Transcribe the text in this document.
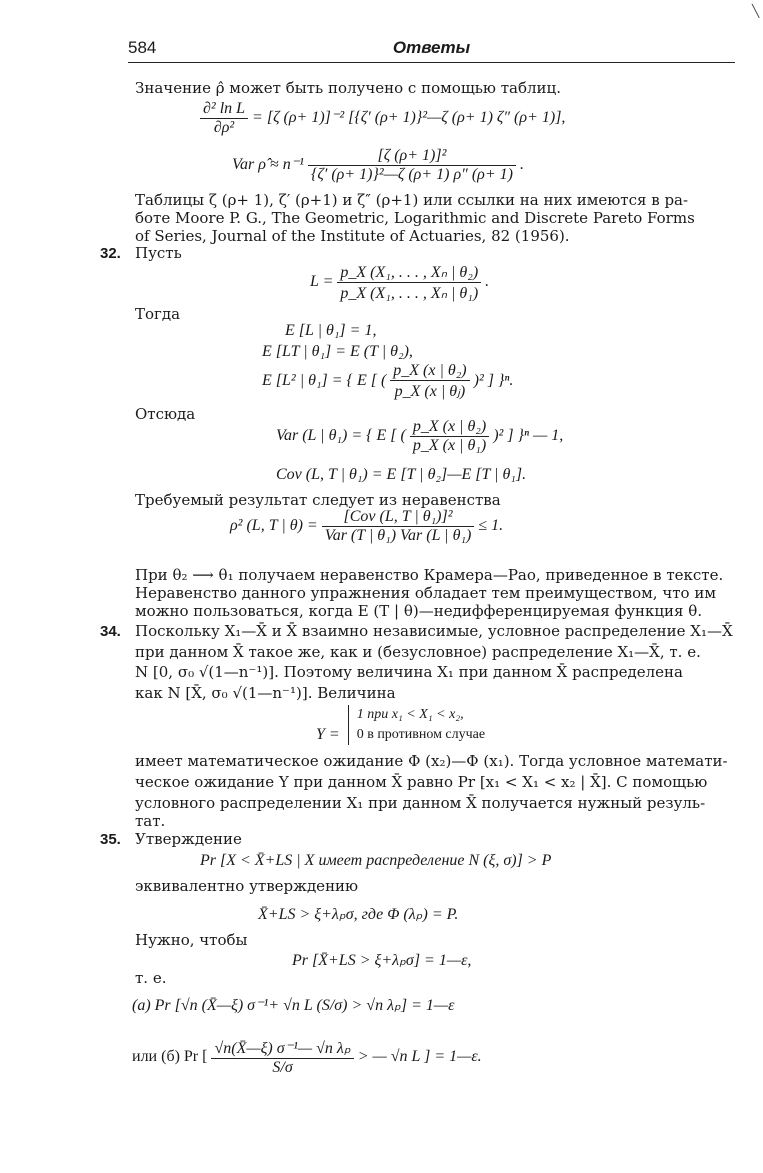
584	Ответы
╲
Значение ρ̂ может быть получено с помощью таблиц.
$\frac{\text{∂² ln L}}{\text{∂ρ²}} = [\zeta$ (ρ+ 1)]⁻² [{ζ′ (ρ+ 1)}²—ζ (ρ+ 1) ζ″ (ρ+ 1)],
Var ρ̂ ≈ $n^{-1} \frac{\text{[ζ (ρ+ 1)]²}}{\text{\{ζ′ (ρ+ 1)\}²—ζ (ρ+ 1) ρ″ (ρ+ 1)}}$ .
Таблицы ζ (ρ+ 1), ζ′ (ρ+1) и ζ″ (ρ+1) или ссылки на них имеются в ра-
боте Moore P. G., The Geometric, Logarithmic and Discrete Pareto Forms
of Series, Journal of the Institute of Actuaries, 82 (1956).
32. Пусть
$L = \frac{\text{p\_X (X₁, . . . , Xₙ | θ₂)}}{\text{p\_X (X₁, . . . , Xₙ | θ₁)}}$ .
Тогда
E [L | θ₁] = 1,
E [LT | θ₁] = E (T | θ₂),
E [L² | θ₁] = { E [ ( $\frac{\text{p\_X (x | θ₂)}}{\text{p\_X (x | θⱼ)}} )^2$ ] }ⁿ.
Отсюда
Var (L | θ₁) = { E [ ( $\frac{\text{p\_X (x | θ₂)}}{\text{p\_X (x | θ₁)}} )^2$ ] }ⁿ — 1,
Cov (L, T | θ₁) = E [T | θ₂]—E [T | θ₁].
Требуемый результат следует из неравенства
ρ² (L, T | $\theta) = \frac{\text{[Cov (L, T | θ₁)]²}}{\text{Var (T | θ₁) Var (L | θ₁)}} \le 1$.
При θ₂ ⟶ θ₁ получаем неравенство Крамера—Рао, приведенное в тексте.
Неравенство данного упражнения обладает тем преимуществом, что им
можно пользоваться, когда E (T | θ)—недифференцируемая функция θ.
34. Поскольку X₁—X̄ и X̄ взаимно независимые, условное распределение X₁—X̄
при данном X̄ такое же, как и (безусловное) распределение X₁—X̄, т. е.
N [0, σ₀ √(1—n⁻¹)]. Поэтому величина X₁ при данном X̄ распределена
как N [X̄, σ₀ √(1—n⁻¹)]. Величина
Y =
1 при x₁ < X₁ < x₂,
0 в противном случае
имеет математическое ожидание Φ (x₂)—Φ (x₁). Тогда условное математи-
ческое ожидание Y при данном X̄ равно Pr [x₁ < X₁ < x₂ | X̄]. С помощью
условного распределении X₁ при данном X̄ получается нужный резуль-
тат.
35. Утверждение
Pr [X < X̄+LS | X имеет распределение N (ξ, σ)] > P
эквивалентно утверждению
X̄+LS > ξ+λₚσ, где Φ (λₚ) = P.
Нужно, чтобы
Pr [X̄+LS > ξ+λₚσ] = 1—ε,
т. е.
(а) Pr [√n (X̄—ξ) σ⁻¹+ √n L (S/σ) > √n λₚ] = 1—ε
или (б) Pr [ $\frac{\text{√n(X̄—ξ) σ⁻¹— √n λₚ}}{S/\sigma}$ > — √n L ] = 1—ε.
